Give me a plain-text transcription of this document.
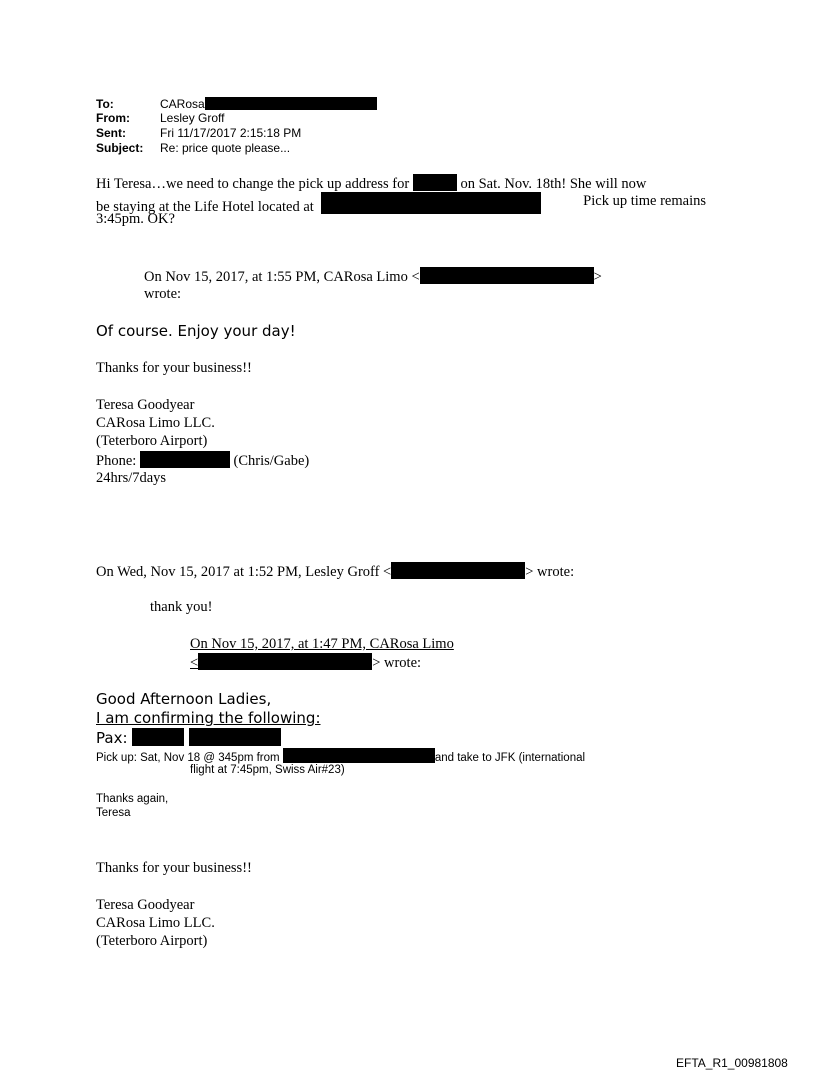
To:	CARosa
From:	Lesley Groff
Sent:	Fri 11/17/2017 2:15:18 PM
Subject: Re: price quote please...
Hi Teresa…we need to change the pick up address for	on Sat. Nov. 18th! She will now
be staying at the Life Hotel located at	Pick up time remains
3:45pm. OK?
On Nov 15, 2017, at 1:55 PM, CARosa Limo <	>
wrote:
Of course. Enjoy your day!
Thanks for your business!!
Teresa Goodyear
CARosa Limo LLC.
(Teterboro Airport)
Phone:	(Chris/Gabe)
24hrs/7days
On Wed, Nov 15, 2017 at 1:52 PM, Lesley Groff <	> wrote:
thank you!
On Nov 15, 2017, at 1:47 PM, CARosa Limo
<	> wrote:
Good Afternoon Ladies,
I am confirming the following:
Pax:
Pick up: Sat, Nov 18 @ 345pm from	and take to JFK (international
flight at 7:45pm, Swiss Air#23)
Thanks again,
Teresa
Thanks for your business!!
Teresa Goodyear
CARosa Limo LLC.
(Teterboro Airport)
EFTA_R1_00981808
